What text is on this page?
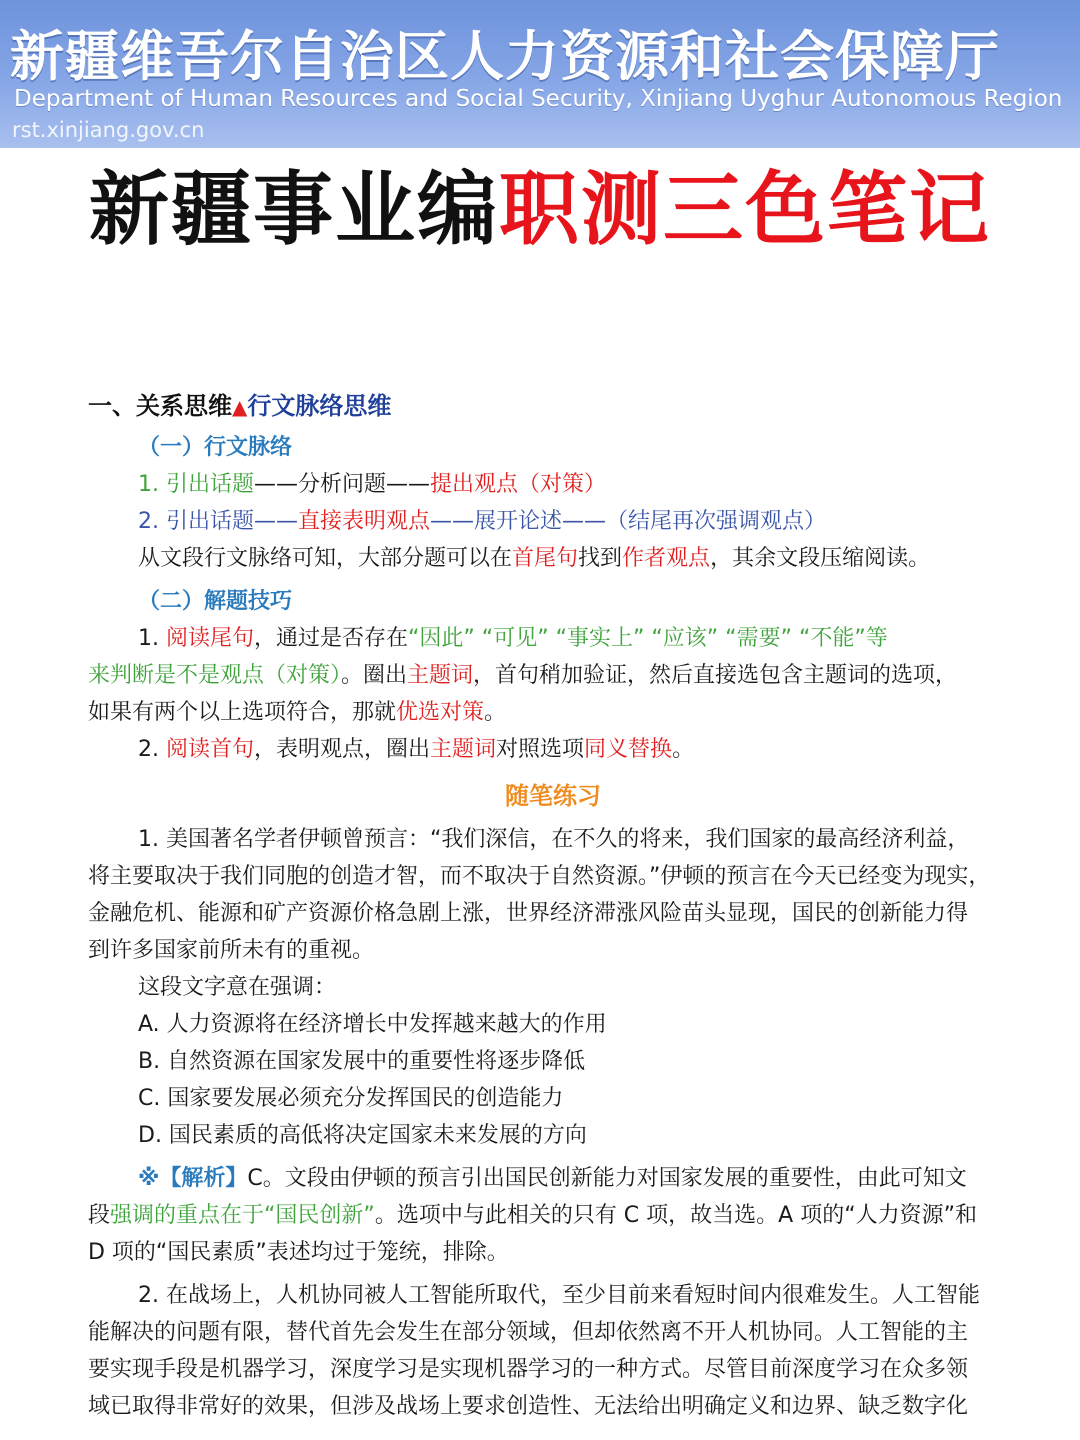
新疆维吾尔自治区人力资源和社会保障厅
Department of Human Resources and Social Security, Xinjiang Uyghur Autonomous Region
rst.xinjiang.gov.cn
新疆事业编职测三色笔记
一、关系思维▲行文脉络思维
（一）行文脉络
1. 引出话题——分析问题——提出观点（对策）
2. 引出话题——直接表明观点——展开论述——（结尾再次强调观点）
从文段行文脉络可知，大部分题可以在首尾句找到作者观点，其余文段压缩阅读。
（二）解题技巧
1. 阅读尾句，通过是否存在“因此” “可见” “事实上” “应该” “需要” “不能”等
来判断是不是观点（对策）。圈出主题词，首句稍加验证，然后直接选包含主题词的选项，
如果有两个以上选项符合，那就优选对策。
2. 阅读首句，表明观点，圈出主题词对照选项同义替换。
随笔练习
1. 美国著名学者伊顿曾预言：“我们深信，在不久的将来，我们国家的最高经济利益，
将主要取决于我们同胞的创造才智，而不取决于自然资源。”伊顿的预言在今天已经变为现实，
金融危机、能源和矿产资源价格急剧上涨，世界经济滞涨风险苗头显现，国民的创新能力得
到许多国家前所未有的重视。
这段文字意在强调：
A. 人力资源将在经济增长中发挥越来越大的作用
B. 自然资源在国家发展中的重要性将逐步降低
C. 国家要发展必须充分发挥国民的创造能力
D. 国民素质的高低将决定国家未来发展的方向
※【解析】C。文段由伊顿的预言引出国民创新能力对国家发展的重要性，由此可知文
段强调的重点在于“国民创新”。选项中与此相关的只有 C 项，故当选。A 项的“人力资源”和
D 项的“国民素质”表述均过于笼统，排除。
2. 在战场上，人机协同被人工智能所取代，至少目前来看短时间内很难发生。人工智能
能解决的问题有限，替代首先会发生在部分领域，但却依然离不开人机协同。人工智能的主
要实现手段是机器学习，深度学习是实现机器学习的一种方式。尽管目前深度学习在众多领
域已取得非常好的效果，但涉及战场上要求创造性、无法给出明确定义和边界、缺乏数字化
